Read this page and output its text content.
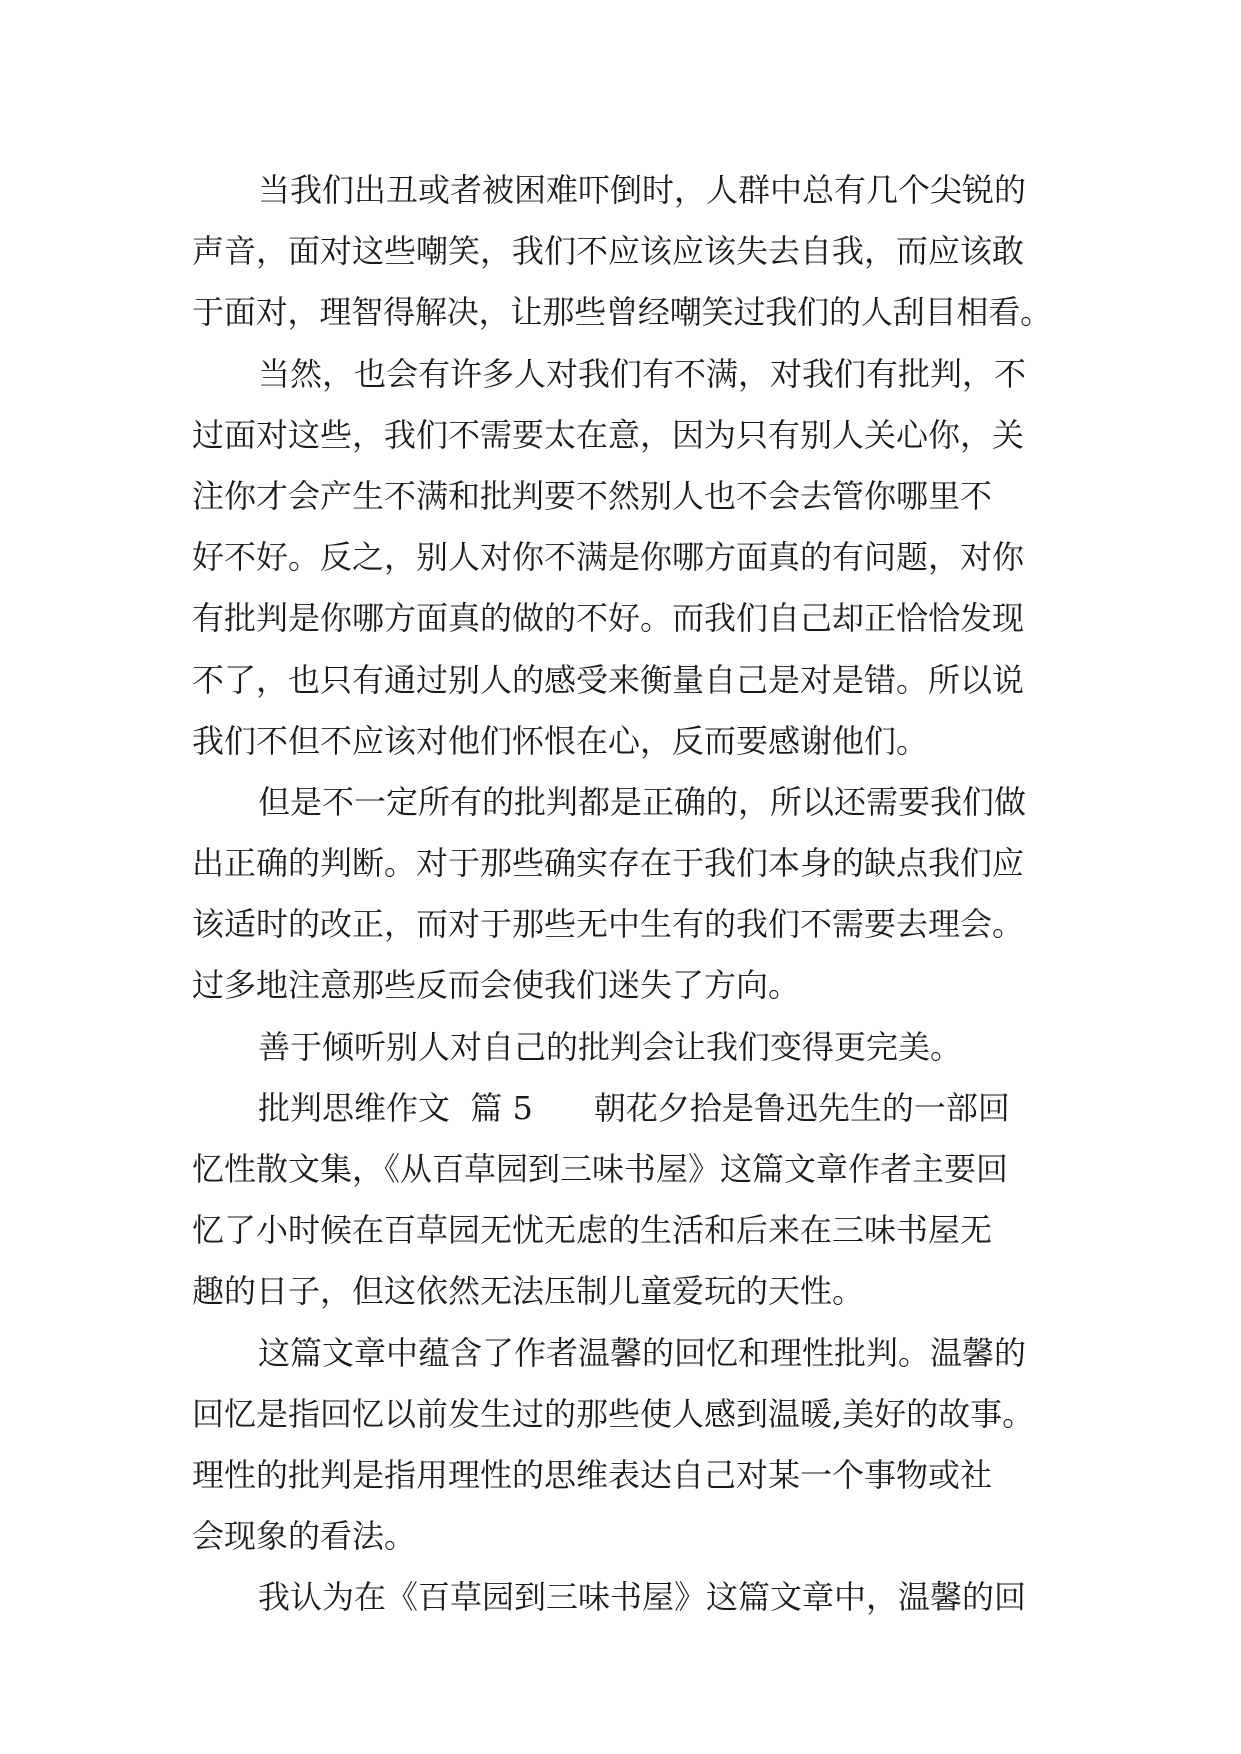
当我们出丑或者被困难吓倒时，人群中总有几个尖锐的
声音，面对这些嘲笑，我们不应该应该失去自我，而应该敢
于面对，理智得解决，让那些曾经嘲笑过我们的人刮目相看。
当然，也会有许多人对我们有不满，对我们有批判，不
过面对这些，我们不需要太在意，因为只有别人关心你，关
注你才会产生不满和批判要不然别人也不会去管你哪里不
好不好。反之，别人对你不满是你哪方面真的有问题，对你
有批判是你哪方面真的做的不好。而我们自己却正恰恰发现
不了，也只有通过别人的感受来衡量自己是对是错。所以说
我们不但不应该对他们怀恨在心，反而要感谢他们。
但是不一定所有的批判都是正确的，所以还需要我们做
出正确的判断。对于那些确实存在于我们本身的缺点我们应
该适时的改正，而对于那些无中生有的我们不需要去理会。
过多地注意那些反而会使我们迷失了方向。
善于倾听别人对自己的批判会让我们变得更完美。
批判思维作文  篇 5      朝花夕拾是鲁迅先生的一部回
忆性散文集，《从百草园到三味书屋》这篇文章作者主要回
忆了小时候在百草园无忧无虑的生活和后来在三味书屋无
趣的日子，但这依然无法压制儿童爱玩的天性。
这篇文章中蕴含了作者温馨的回忆和理性批判。温馨的
回忆是指回忆以前发生过的那些使人感到温暖,美好的故事。
理性的批判是指用理性的思维表达自己对某一个事物或社
会现象的看法。
我认为在《百草园到三味书屋》这篇文章中，温馨的回
